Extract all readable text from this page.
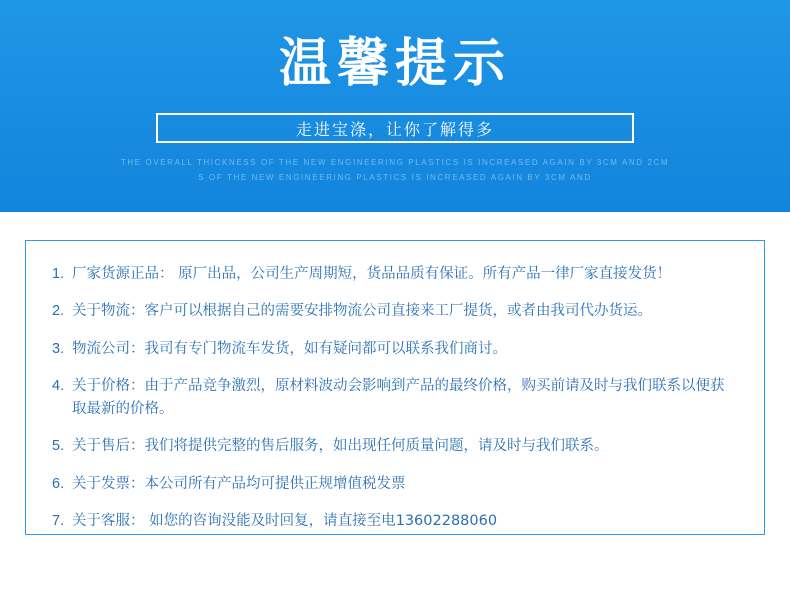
温馨提示
走进宝涤，让你了解得多
THE OVERALL THICKNESS OF THE NEW ENGINEERING PLASTICS IS INCREASED AGAIN BY 3CM AND 2CM
S OF THE NEW ENGINEERING PLASTICS IS INCREASED AGAIN BY 3CM AND
1. 厂家货源正品： 原厂出品，公司生产周期短，货品品质有保证。所有产品一律厂家直接发货！
2. 关于物流：客户可以根据自己的需要安排物流公司直接来工厂提货，或者由我司代办货运。
3. 物流公司：我司有专门物流车发货，如有疑问都可以联系我们商讨。
4. 关于价格：由于产品竞争激烈，原材料波动会影响到产品的最终价格，购买前请及时与我们联系以便获取最新的价格。
5. 关于售后：我们将提供完整的售后服务，如出现任何质量问题，请及时与我们联系。
6. 关于发票：本公司所有产品均可提供正规增值税发票
7. 关于客服： 如您的咨询没能及时回复，请直接至电13602288060
